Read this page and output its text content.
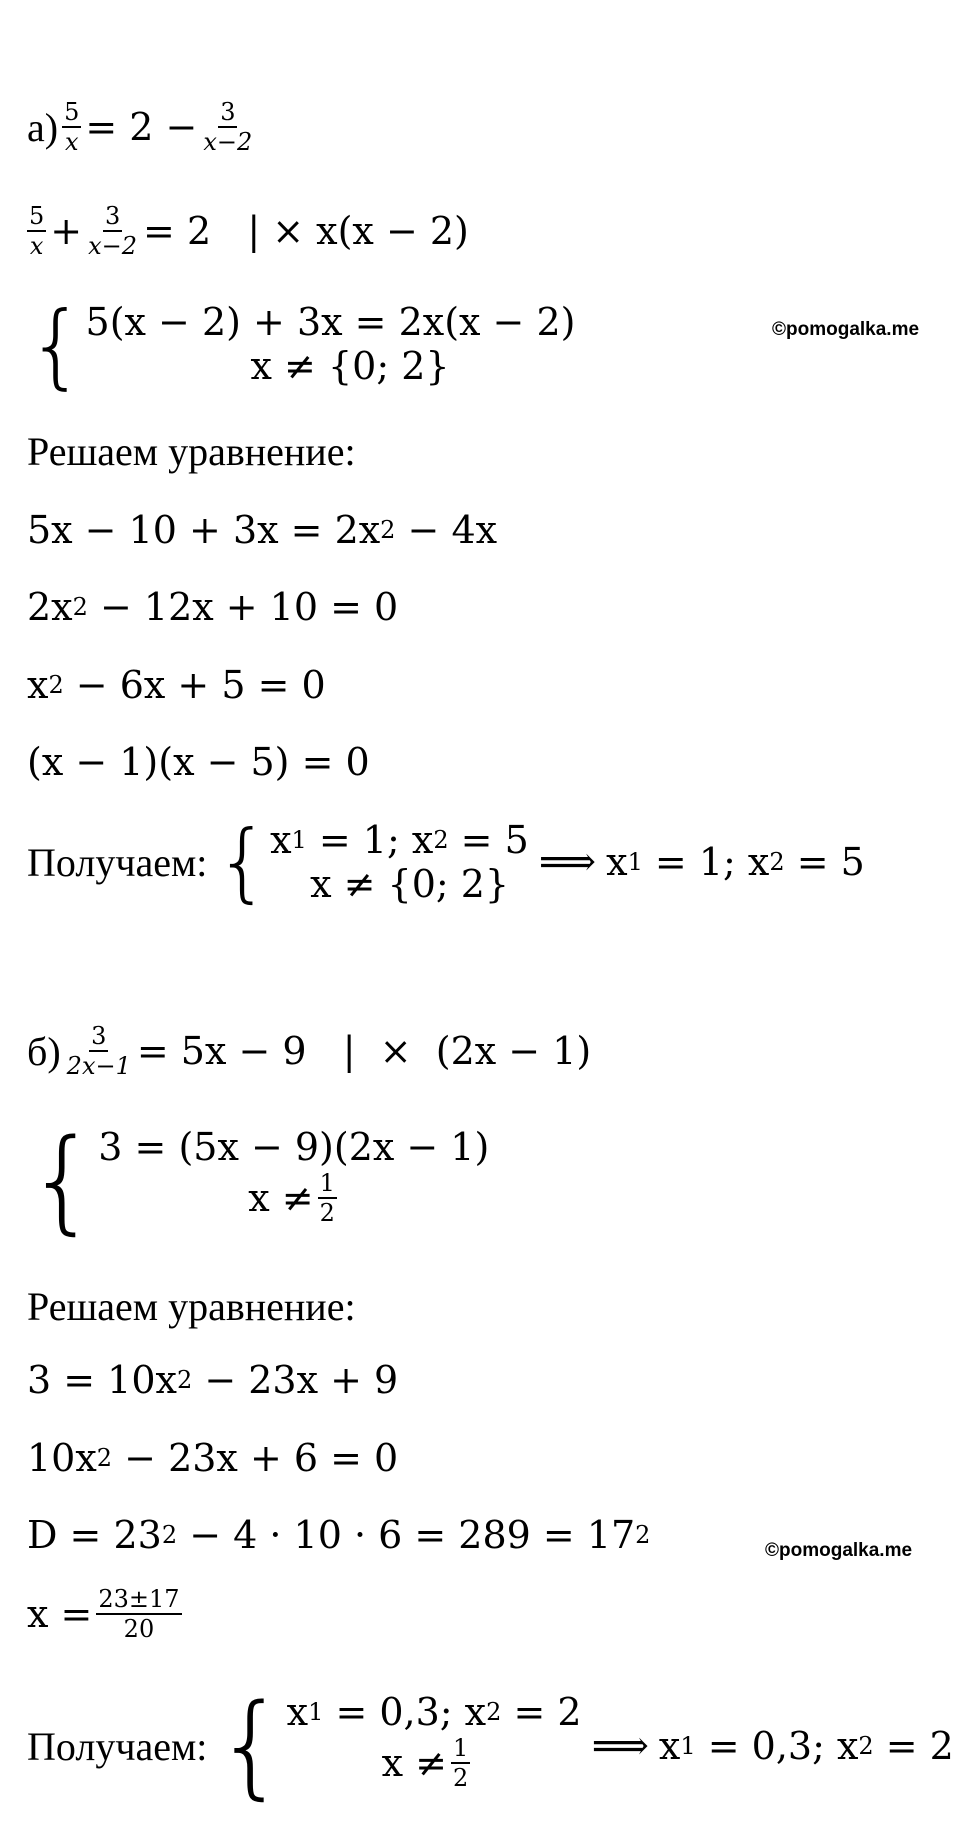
$а) \frac{5}{x} = 2 - \frac{3}{x-2}$
$\frac{5}{x} + \frac{3}{x-2} = 2$   | × x(x − 2)
{ 5(x − 2) + 3x = 2x(x − 2)
x ≠ {0; 2}
©pomogalka.me
Решаем уравнение:
5x − 10 + 3x = 2x 2 − 4x
2x 2 − 12x + 10 = 0
x 2 − 6x + 5 = 0
(x − 1)(x − 5) = 0
Получаем: { x 1 = 1; x 2 = 5
x ≠ {0; 2} ⟹ x 1 = 1; x 2 = 5
$б) \frac{3}{2x-1} = 5x - 9$   |  ×  (2x − 1)
{ 3 = (5x − 9)(2x − 1)
$x \ne \frac{1}{2}$
Решаем уравнение:
3 = 10x 2 − 23x + 9
10x 2 − 23x + 6 = 0
D = 23 2 − 4 · 10 · 6 = 289 = 17 2
©pomogalka.me
$x = \frac{23\pm 17}{20}$
Получаем: { x 1 = 0,3; x 2 = 2
$x \ne \frac{1}{2}$	⟹ x 1 = 0,3; x 2 = 2
